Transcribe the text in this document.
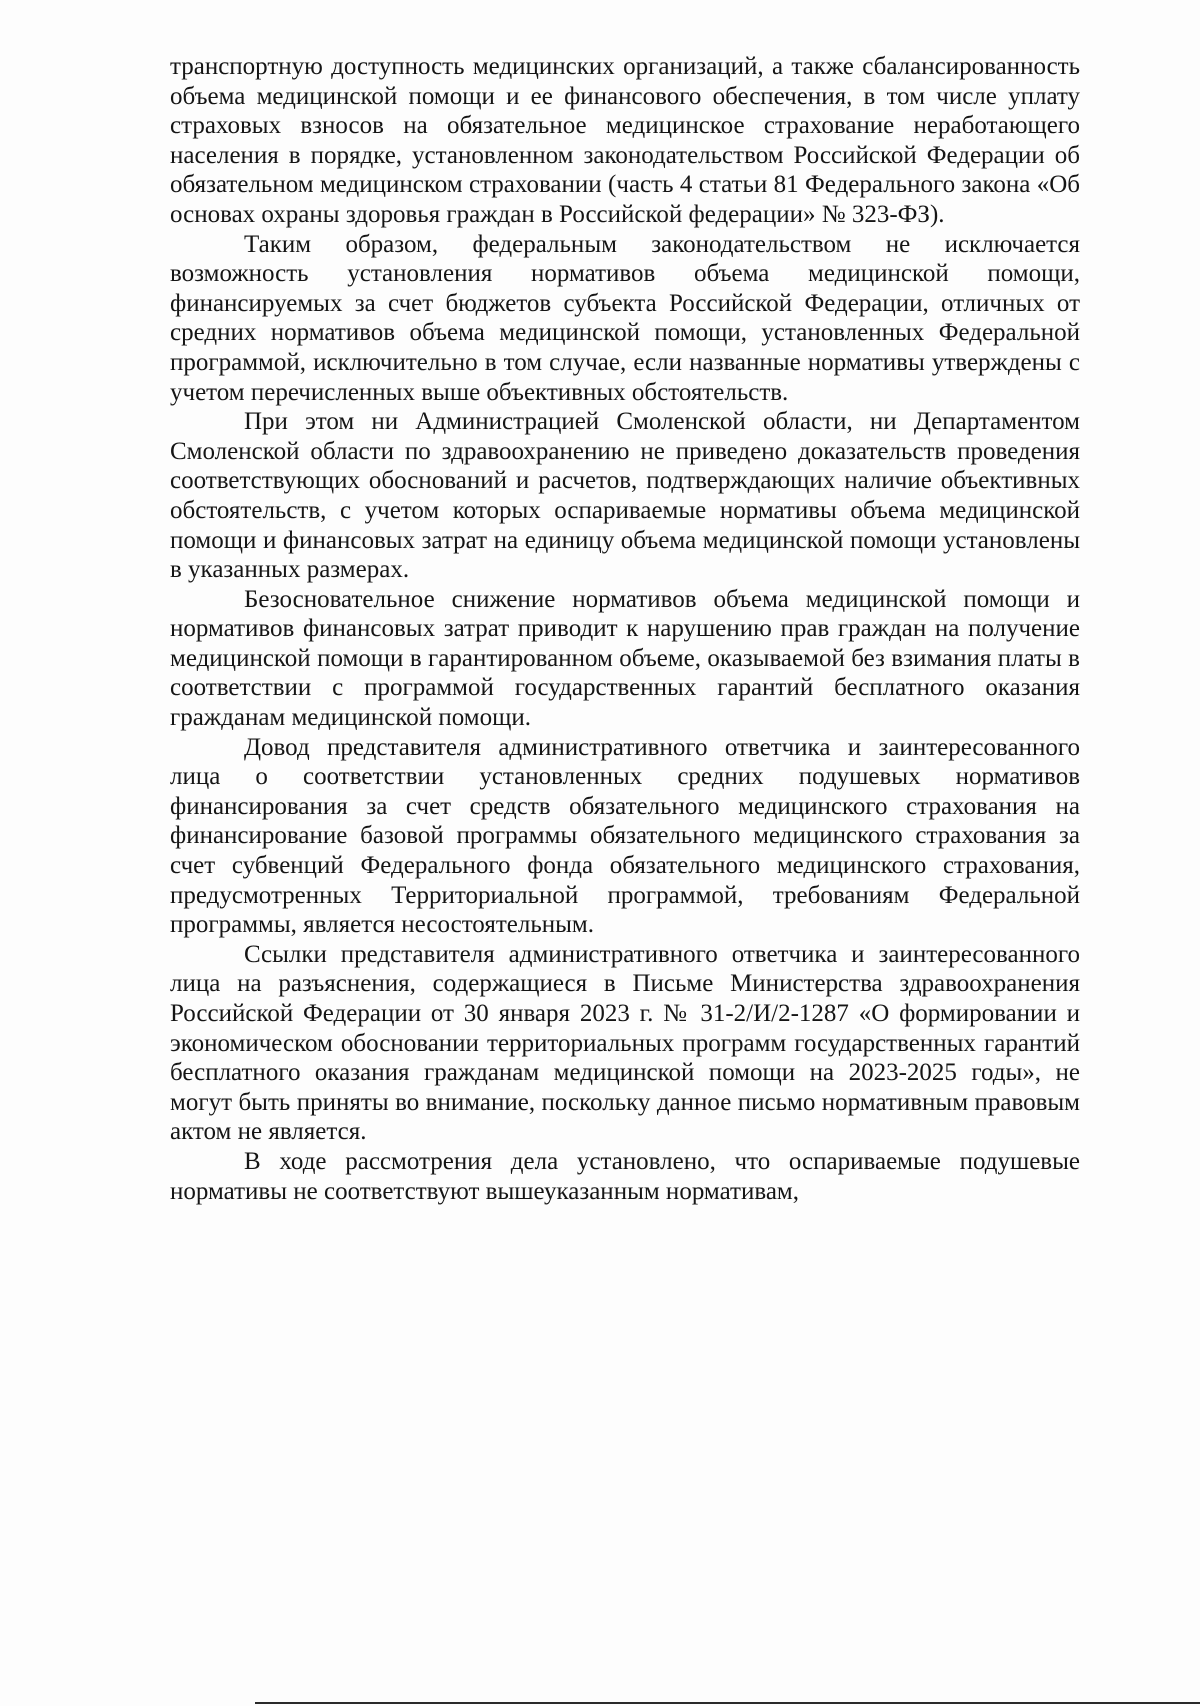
транспортную доступность медицинских организаций, а также сбалансированность объема медицинской помощи и ее финансового обеспечения, в том числе уплату страховых взносов на обязательное медицинское страхование неработающего населения в порядке, установленном законодательством Российской Федерации об обязательном медицинском страховании (часть 4 статьи 81 Федерального закона «Об основах охраны здоровья граждан в Российской федерации» № 323-ФЗ).

Таким образом, федеральным законодательством не исключается возможность установления нормативов объема медицинской помощи, финансируемых за счет бюджетов субъекта Российской Федерации, отличных от средних нормативов объема медицинской помощи, установленных Федеральной программой, исключительно в том случае, если названные нормативы утверждены с учетом перечисленных выше объективных обстоятельств.

При этом ни Администрацией Смоленской области, ни Департаментом Смоленской области по здравоохранению не приведено доказательств проведения соответствующих обоснований и расчетов, подтверждающих наличие объективных обстоятельств, с учетом которых оспариваемые нормативы объема медицинской помощи и финансовых затрат на единицу объема медицинской помощи установлены в указанных размерах.

Безосновательное снижение нормативов объема медицинской помощи и нормативов финансовых затрат приводит к нарушению прав граждан на получение медицинской помощи в гарантированном объеме, оказываемой без взимания платы в соответствии с программой государственных гарантий бесплатного оказания гражданам медицинской помощи.

Довод представителя административного ответчика и заинтересованного лица о соответствии установленных средних подушевых нормативов финансирования за счет средств обязательного медицинского страхования на финансирование базовой программы обязательного медицинского страхования за счет субвенций Федерального фонда обязательного медицинского страхования, предусмотренных Территориальной программой, требованиям Федеральной программы, является несостоятельным.

Ссылки представителя административного ответчика и заинтересованного лица на разъяснения, содержащиеся в Письме Министерства здравоохранения Российской Федерации от 30 января 2023 г. № 31-2/И/2-1287 «О формировании и экономическом обосновании территориальных программ государственных гарантий бесплатного оказания гражданам медицинской помощи на 2023-2025 годы», не могут быть приняты во внимание, поскольку данное письмо нормативным правовым актом не является.

В ходе рассмотрения дела установлено, что оспариваемые подушевые нормативы не соответствуют вышеуказанным нормативам,
